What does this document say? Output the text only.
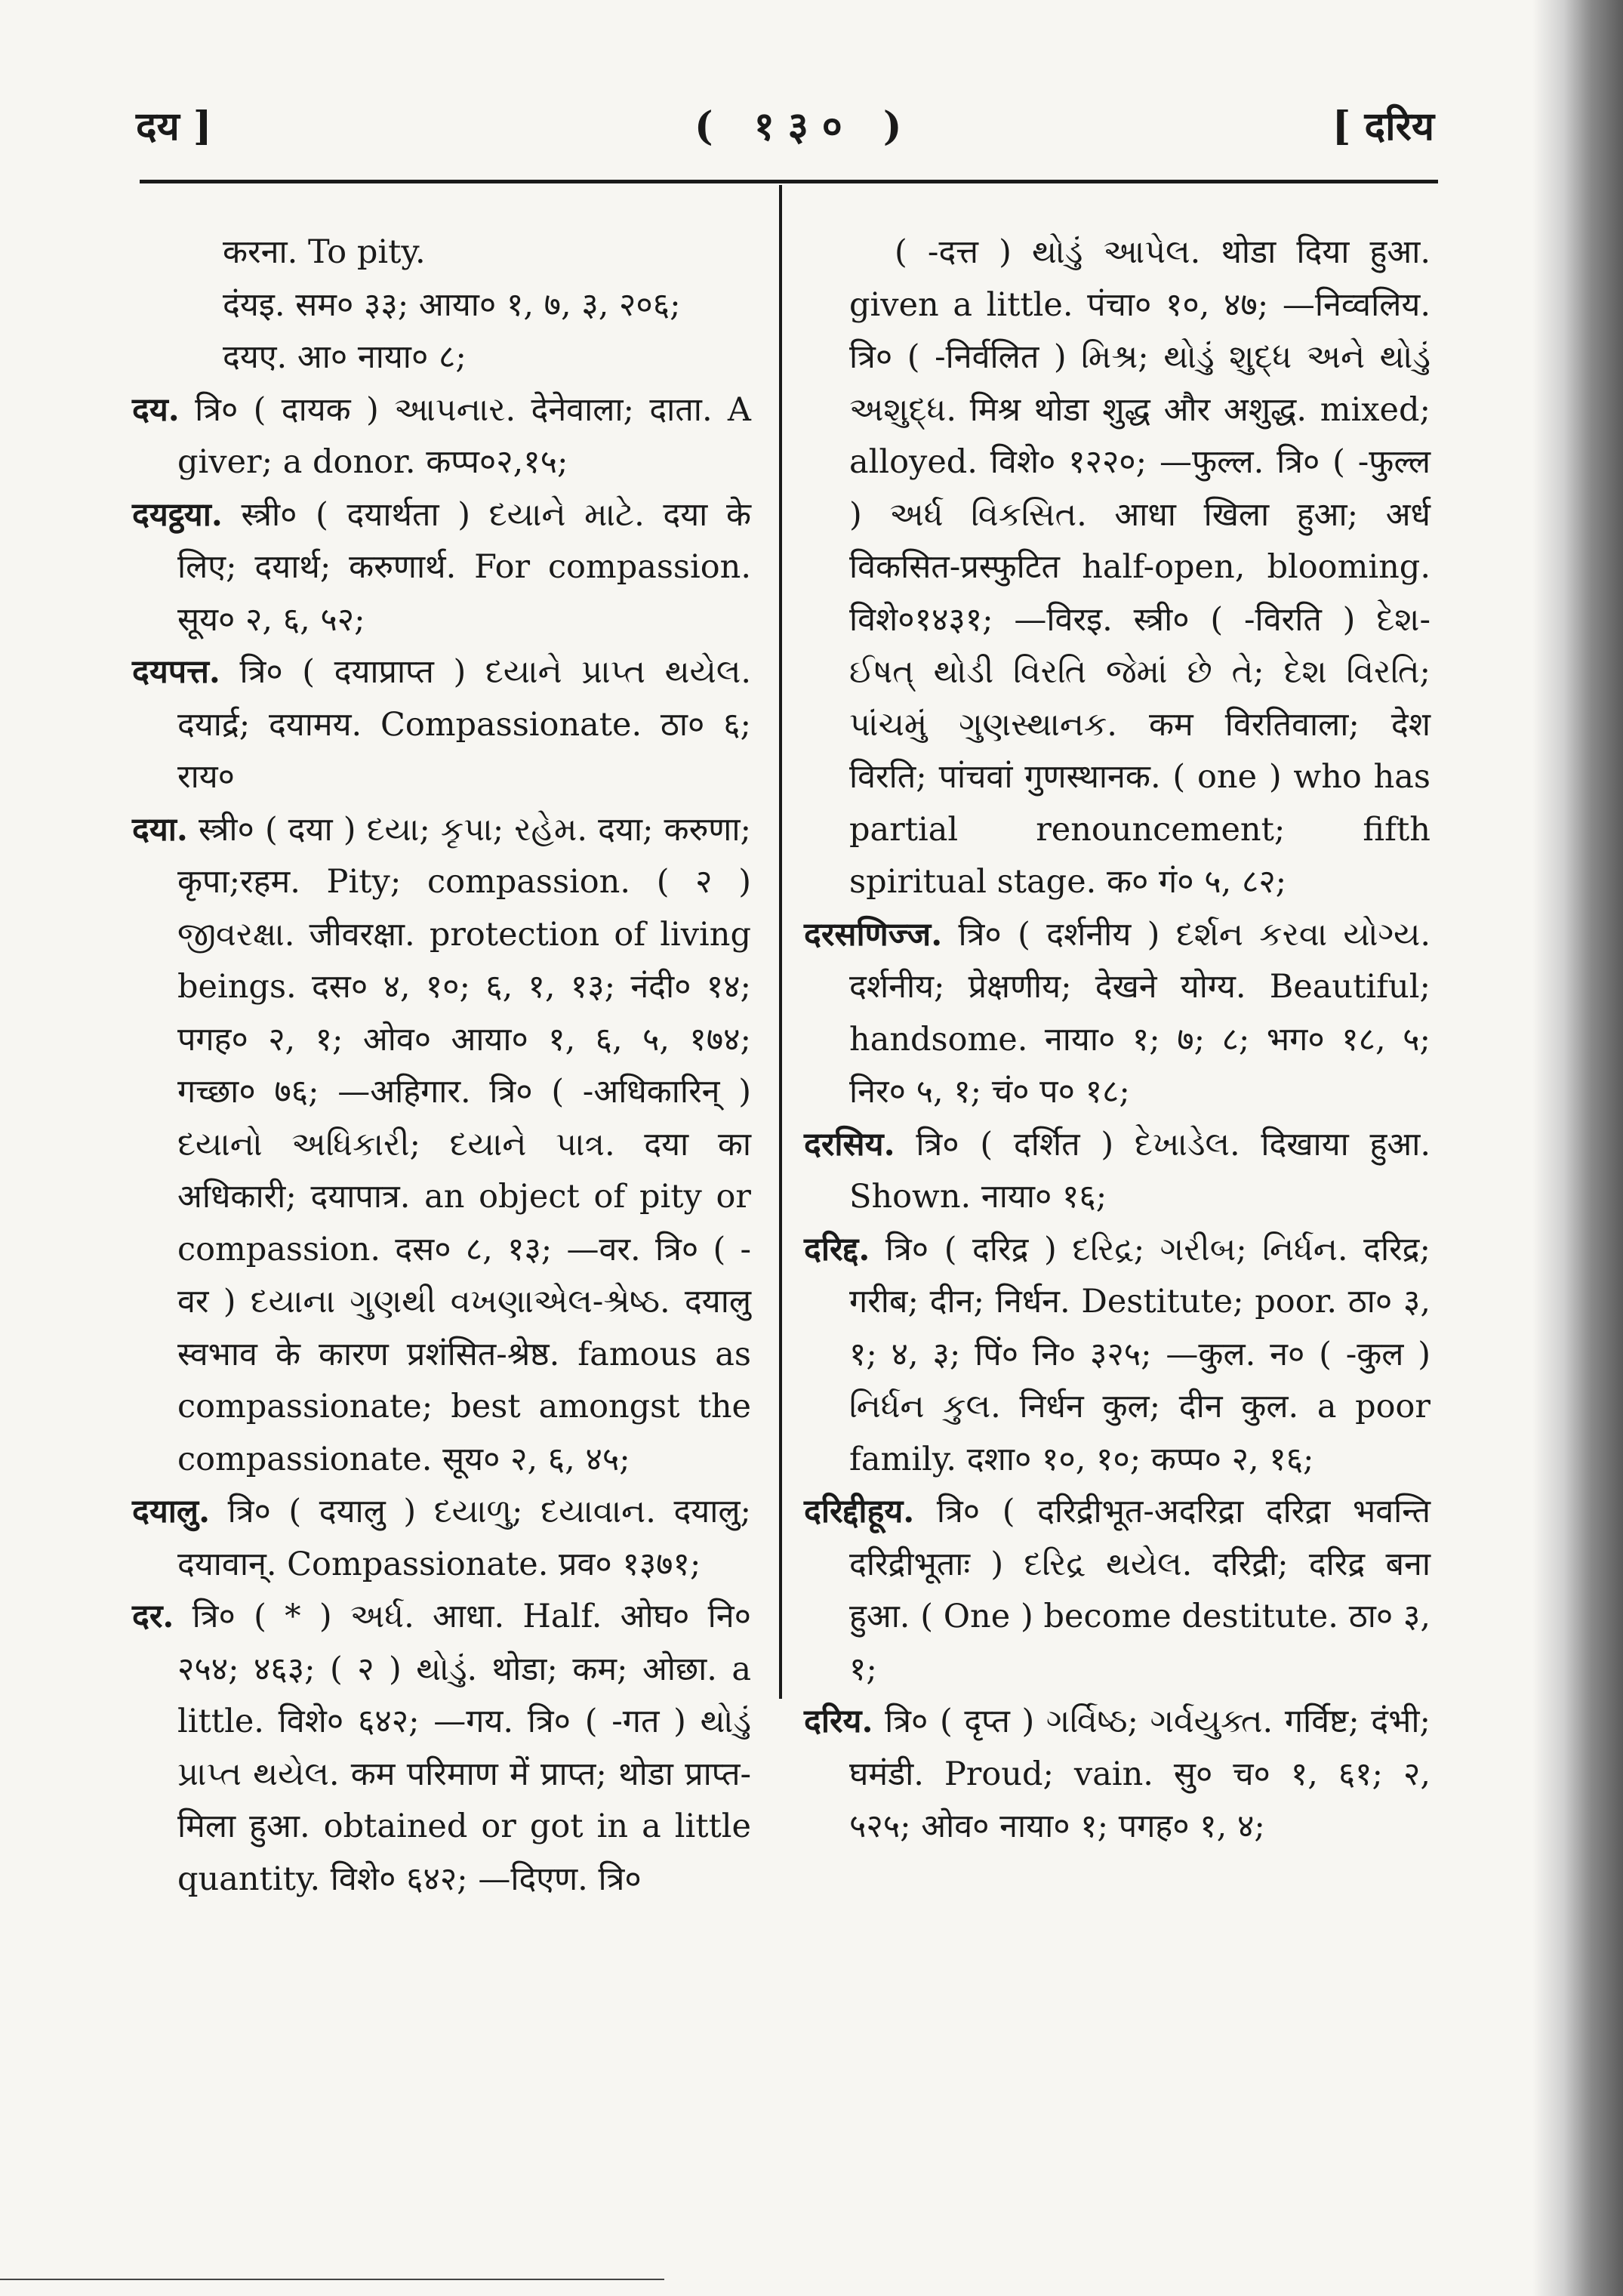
दय ]	( १३० )	[ दरिय

करना. To pity.

दंयइ. सम० ३३; आया० १, ७, ३, २०६;

दयए. आ० नाया० ८;

दय. त्रि० ( दायक ) આપનાર. देनेवाला; दाता. A giver; a donor. कप्प०२,१५;

दयट्ठया. स्त्री० ( दयार्थता ) દયાને માટે. दया के लिए; दयार्थ; करुणार्थ. For compassion. सूय० २, ६, ५२;

दयपत्त. त्रि० ( दयाप्राप्त ) દયાને પ્રાપ્ત થયેલ. दयार्द्र; दयामय. Compassionate. ठा० ६; राय०

दया. स्त्री० ( दया ) દયા; કૃપા; રહેમ. दया; करुणा; कृपा;रहम. Pity; compassion. ( २ ) જીવરક્ષા. जीवरक्षा. protection of living beings. दस० ४, १०; ६, १, १३; नंदी० १४; पगह० २, १; ओव० आया० १, ६, ५, १७४; गच्छा० ७६; —अहिगार. त्रि० ( -अधिकारिन् ) દયાનો અધિકારી; દયાને પાત્ર. दया का अधिकारी; दयापात्र. an object of pity or compassion. दस० ८, १३; —वर. त्रि० ( -वर ) દયાના ગુણથી વખણાએલ-શ્રેષ્ઠ. दयालु स्वभाव के कारण प्रशंसित-श्रेष्ठ. famous as compassionate; best amongst the compassionate. सूय० २, ६, ४५;

दयालु. त्रि० ( दयालु ) દયાળુ; દયાવાન. दयालु; दयावान्. Compassionate. प्रव० १३७१;

दर. त्रि० ( * ) અર્ધ. आधा. Half. ओघ० नि० २५४; ४६३; ( २ ) થોડું. थोडा; कम; ओछा. a little. विशे० ६४२; —गय. त्रि० ( -गत ) થોડું પ્રાપ્ત થયેલ. कम परिमाण में प्राप्त; थोडा प्राप्त-मिला हुआ. obtained or got in a little quantity. विशे० ६४२; —दिएण. त्रि०

( -दत्त ) થોડું આપેલ. थोडा दिया हुआ. given a little. पंचा० १०, ४७; —निव्वलिय. त्रि० ( -निर्वलित ) મિશ્ર; થોડું શુદ્ધ અને થોડું અશુદ્ધ. मिश्र थोडा शुद्ध और अशुद्ध. mixed; alloyed. विशे० १२२०; —फुल्ल. त्रि० ( -फुल्ल ) અર્ધ વિકસિત. आधा खिला हुआ; अर्ध विकसित-प्रस्फुटित half-open, blooming. विशे०१४३१; —विरइ. स्त्री० ( -विरति ) દેશ-ઈષત્ થોડી વિરતિ જેમાં છે તે; દેશ વિરતિ; પાંચમું ગુણસ્થાનક. कम विरतिवाला; देश विरति; पांचवां गुणस्थानक. ( one ) who has partial renouncement; fifth spiritual stage. क० गं० ५, ८२;

दरसणिज्ज. त्रि० ( दर्शनीय ) દર્શન કરવા યોગ્ય. दर्शनीय; प्रेक्षणीय; देखने योग्य. Beautiful; handsome. नाया० १; ७; ८; भग० १८, ५; निर० ५, १; चं० प० १८;

दरसिय. त्रि० ( दर्शित ) દેખાડેલ. दिखाया हुआ. Shown. नाया० १६;

दरिद्द. त्रि० ( दरिद्र ) દરિદ્ર; ગરીબ; નિર્ધન. दरिद्र; गरीब; दीन; निर्धन. Destitute; poor. ठा० ३, १; ४, ३; पिं० नि० ३२५; —कुल. न० ( -कुल ) નિર્ધન કુલ. निर्धन कुल; दीन कुल. a poor family. दशा० १०, १०; कप्प० २, १६;

दरिद्दीहूय. त्रि० ( दरिद्रीभूत-अदरिद्रा दरिद्रा भवन्ति दरिद्रीभूताः ) દરિદ્ર થયેલ. दरिद्री; दरिद्र बना हुआ. ( One ) become destitute. ठा० ३, १;

दरिय. त्रि० ( दृप्त ) ગર્વિષ્ઠ; ગર્વયુક્ત. गर्विष्ट; दंभी; घमंडी. Proud; vain. सु० च० १, ६१; २, ५२५; ओव० नाया० १; पगह० १, ४;
